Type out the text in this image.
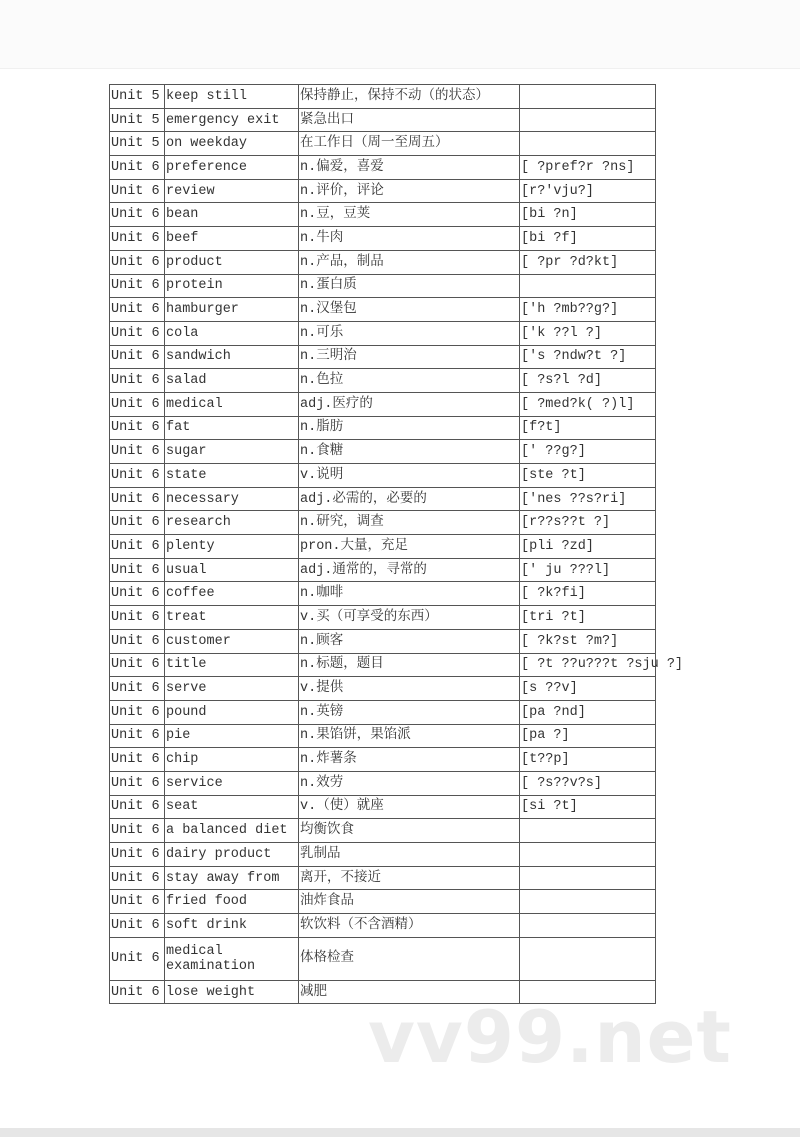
Unit 5	keep still	保持静止，保持不动（的状态）	
Unit 5	emergency exit	紧急出口	
Unit 5	on weekday	在工作日（周一至周五）	
Unit 6	preference	n.偏爱，喜爱	[ ?pref?r ?ns]
Unit 6	review	n.评价，评论	[r?'vju?]
Unit 6	bean	n.豆，豆荚	[bi ?n]
Unit 6	beef	n.牛肉	[bi ?f]
Unit 6	product	n.产品，制品	[ ?pr ?d?kt]
Unit 6	protein	n.蛋白质	
Unit 6	hamburger	n.汉堡包	['h ?mb??g?]
Unit 6	cola	n.可乐	['k ??l ?]
Unit 6	sandwich	n.三明治	['s ?ndw?t ?]
Unit 6	salad	n.色拉	[ ?s?l ?d]
Unit 6	medical	adj.医疗的	[ ?med?k( ?)l]
Unit 6	fat	n.脂肪	[f?t]
Unit 6	sugar	n.食糖	[' ??g?]
Unit 6	state	v.说明	[ste ?t]
Unit 6	necessary	adj.必需的，必要的	['nes ??s?ri]
Unit 6	research	n.研究，调查	[r??s??t ?]
Unit 6	plenty	pron.大量，充足	[pli ?zd]
Unit 6	usual	adj.通常的，寻常的	[' ju ???l]
Unit 6	coffee	n.咖啡	[ ?k?fi]
Unit 6	treat	v.买（可享受的东西）	[tri ?t]
Unit 6	customer	n.顾客	[ ?k?st ?m?]
Unit 6	title	n.标题，题目	[ ?t ??u???t ?sju ?]
Unit 6	serve	v.提供	[s ??v]
Unit 6	pound	n.英镑	[pa ?nd]
Unit 6	pie	n.果馅饼，果馅派	[pa ?]
Unit 6	chip	n.炸薯条	[t??p]
Unit 6	service	n.效劳	[ ?s??v?s]
Unit 6	seat	v.（使）就座	[si ?t]
Unit 6	a balanced diet	均衡饮食	
Unit 6	dairy product	乳制品	
Unit 6	stay away from	离开，不接近	
Unit 6	fried food	油炸食品	
Unit 6	soft drink	软饮料（不含酒精）	
Unit 6	medical examination	体格检查	
Unit 6	lose weight	减肥	
vv99.net
